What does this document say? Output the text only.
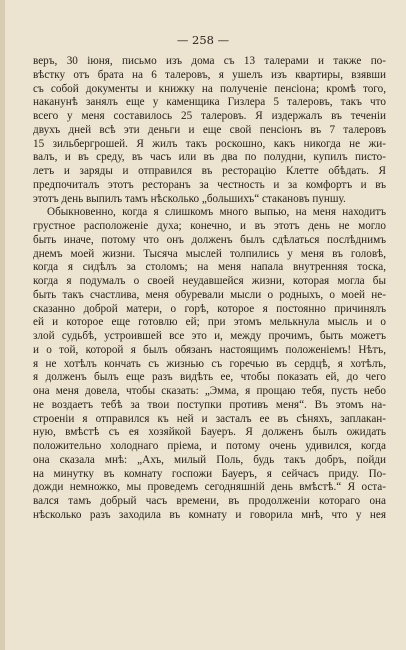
— 258 —
веръ, 30 іюня, письмо изъ дома съ 13 талерами и также по-
вѣстку отъ брата на 6 талеровъ, я ушелъ изъ квартиры, взявши
съ собой документы и книжку на полученіе пенсіона; кромѣ того,
наканунѣ занялъ еще у каменщика Гизлера 5 талеровъ, такъ что
всего у меня составилось 25 талеровъ. Я издержалъ въ теченіи
двухъ дней всѣ эти деньги и еще свой пенсіонъ въ 7 талеровъ
15 зильбергрошей. Я жилъ такъ роскошно, какъ никогда не жи-
валъ, и въ среду, въ часъ или въ два по полудни, купилъ писто-
летъ и заряды и отправился въ ресторацію Клетте обѣдать. Я
предпочиталъ этотъ ресторанъ за честность и за комфортъ и въ
этотъ день выпилъ тамъ нѣсколько „большихъ“ стакановъ пуншу.
Обыкновенно, когда я слишкомъ много выпью, на меня находитъ
грустное расположеніе духа; конечно, и въ этотъ день не могло
быть иначе, потому что онъ долженъ былъ сдѣлаться послѣднимъ
днемъ моей жизни. Тысяча мыслей толпились у меня въ головѣ,
когда я сидѣлъ за столомъ; на меня напала внутренняя тоска,
когда я подумалъ о своей неудавшейся жизни, которая могла бы
быть такъ счастлива, меня обуревали мысли о родныхъ, о моей не-
сказанно доброй матери, о горѣ, которое я постоянно причинялъ
ей и которое еще готовлю ей; при этомъ мелькнула мысль и о
злой судьбѣ, устроившей все это и, между прочимъ, быть можетъ
и о той, которой я былъ обязанъ настоящимъ положеніемъ! Нѣтъ,
я не хотѣлъ кончать съ жизнью съ горечью въ сердцѣ, я хотѣлъ,
я долженъ былъ еще разъ видѣть ее, чтобы показать ей, до чего
она меня довела, чтобы сказать: „Эмма, я прощаю тебя, пусть небо
не воздаетъ тебѣ за твои поступки противъ меня“. Въ этомъ на-
строеніи я отправился къ ней и засталъ ее въ сѣняхъ, заплакан-
ную, вмѣстѣ съ ея хозяйкой Бауеръ. Я долженъ былъ ожидать
положительно холоднаго пріема, и потому очень удивился, когда
она сказала мнѣ: „Ахъ, милый Поль, будь такъ добръ, пойди
на минутку въ комнату госпожи Бауеръ, я сейчасъ приду. По-
дожди немножко, мы проведемъ сегодняшній день вмѣстѣ.“ Я оста-
вался тамъ добрый часъ времени, въ продолженіи котораго она
нѣсколько разъ заходила въ комнату и говорила мнѣ, что у нея
